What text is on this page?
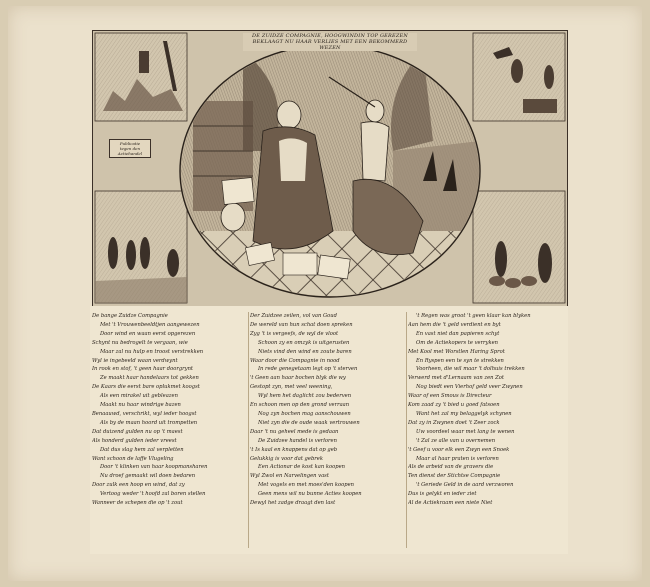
DE ZUIDZE COMPAGNIE, HOOGWINDIN TOP GEREZEN
BEKLAAGT NU HAAR VERLIES MET EEN BEKOMMERD WEZEN
Publicatie
tegen den
Actiehandel
De bange Zuidze Compagnie
Met 't Vrouwenbeeldtjen aangewezen
Door wind en waan eerst opgerezen
Schynt nu bedrogelt te vergaan, wie
Maar zal nu hulp en troost verstrekken
Wyl ie ingebeeld waan verdwynt
In rook en stof, 't geen haar doorgrynt
Ze maakt haar handelaars tot gekken
De Kaars die eerst bare oplukmet koogst
Als een mirakel uit gebleazen
Maakt nu haar windrige bazen
Benaauwd, verschrikt, wyl ieder hoogst
Als by de maan hoord uit trompetten
Dat duizend gulden nu op 't maest
Als honderd gulden ieder vreest
Dat dus slag hem zal verpletten
Want schoon de laffe Vlugeling
Door 't klinken van haar koopmansharen
Nu droef gemaakt wil doen bedaren
Door zulk een hoop en wind, dat zy
Vertoog weder 't hoofd zal boren stellen
Wanneer de schepen die op 't zout
Der Zuidzee zeilen, vol van Goud
De wereld van hun schat doen spreken
Zyg 't is vergeefs, de wyl de vloot
Schoon zy en omzyk is uitgerusten
Niets vind den wind en zoute baren
Waar door die Compagnie in nood
In rede genegetaam legt op 't sterven
't Geen aan haar bochen blyk die wy
Gestopt zyn, met veel weening,
Wyl hem het daglicht zou bederven
En schoon men op den grond verraan
Nog zyn bochen mag aanschouwen
Niet zyn die de oude waak vertrouwen
Daar 't nu geheel mede is gedaan
De Zuidzee handel is verloren
't Is kaal en knappens dat op geb
Gelukkig is voor dat gebrek
Een Actionar de kost kan koopen
Wyl Zwol en Narvelingen vast
Met vogels en met moes'den koopen
Geen mens wil nu bunne Acties koopen
Dewyl het zadge draagt den last
't Regen was groot 't geen klaar kan blyken
Aan hem die 't geld verdient en byt
En vast niet dan papieren schyt
Om de Actiekopers te verryken
Met Kool met Worstlen Haring Sprot
En Ryspen een te syn te strekken
Voorheen, die wil maar 't dolhuis trekken
Verwerd met d'Lernaam van zen Zot
Nog biedt een Vierhof geld veer Zwynen
Waar of een Smous is Directeur
Kom zaad zy 't bied u goed fatsoen
Want het zal my belaggelyk schynen
Dat zy in Zwynen doet 't Zeer zock
Uw voordeel waar met lang te wenen
't Zal ze alle van u overnemen
't Geef u voor elk een Zwyn een Snoek
Maar al haar praten is verloren
Als de arbeid van de gravers die
Ten dienst der Stichtse Compagnie
't Geriede Geld in de aard verzworen
Dus is gelykt en ieder ziet
Al de Actiekraam een niete Niet
